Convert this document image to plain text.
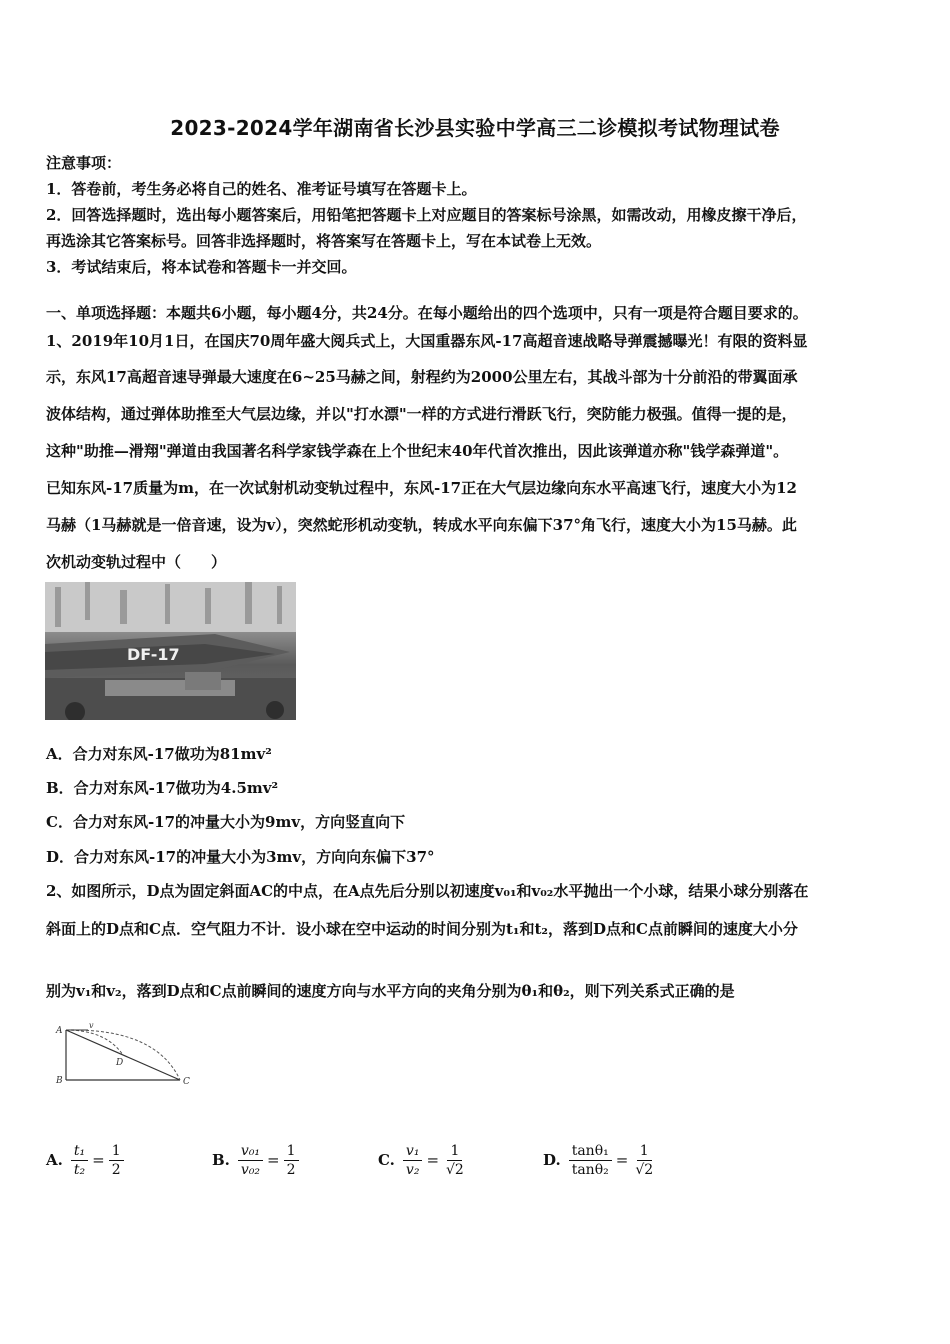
2023-2024学年湖南省长沙县实验中学高三二诊模拟考试物理试卷
注意事项：
1．答卷前，考生务必将自己的姓名、准考证号填写在答题卡上。
2．回答选择题时，选出每小题答案后，用铅笔把答题卡上对应题目的答案标号涂黑，如需改动，用橡皮擦干净后，
再选涂其它答案标号。回答非选择题时，将答案写在答题卡上，写在本试卷上无效。
3．考试结束后，将本试卷和答题卡一并交回。
一、单项选择题：本题共6小题，每小题4分，共24分。在每小题给出的四个选项中，只有一项是符合题目要求的。
1、2019年10月1日，在国庆70周年盛大阅兵式上，大国重器东风-17高超音速战略导弹震撼曝光！有限的资料显
示，东风17高超音速导弹最大速度在6~25马赫之间，射程约为2000公里左右，其战斗部为十分前沿的带翼面承
波体结构，通过弹体助推至大气层边缘，并以"打水漂"一样的方式进行滑跃飞行，突防能力极强。值得一提的是，
这种"助推—滑翔"弹道由我国著名科学家钱学森在上个世纪末40年代首次推出，因此该弹道亦称"钱学森弹道"。
已知东风-17质量为m，在一次试射机动变轨过程中，东风-17正在大气层边缘向东水平高速飞行，速度大小为12
马赫（1马赫就是一倍音速，设为v），突然蛇形机动变轨，转成水平向东偏下37°角飞行，速度大小为15马赫。此
次机动变轨过程中（　　）
DF-17
A．合力对东风-17做功为81mv²
B．合力对东风-17做功为4.5mv²
C．合力对东风-17的冲量大小为9mv，方向竖直向下
D．合力对东风-17的冲量大小为3mv，方向向东偏下37°
2、如图所示，D点为固定斜面AC的中点，在A点先后分别以初速度v₀₁和v₀₂水平抛出一个小球，结果小球分别落在
斜面上的D点和C点．空气阻力不计．设小球在空中运动的时间分别为t₁和t₂，落到D点和C点前瞬间的速度大小分
别为v₁和v₂，落到D点和C点前瞬间的速度方向与水平方向的夹角分别为θ₁和θ₂，则下列关系式正确的是
A
B	C
D
v
A. $\frac{\text{t₁}}{\text{t₂}} = \frac{1}{2}$	B. $\frac{\text{v₀₁}}{\text{v₀₂}} = \frac{1}{2}$	C. $\frac{\text{v₁}}{\text{v₂}} = \frac{1}{√2}$	D. $\frac{\text{tanθ₁}}{\text{tanθ₂}} = \frac{1}{√2}$
